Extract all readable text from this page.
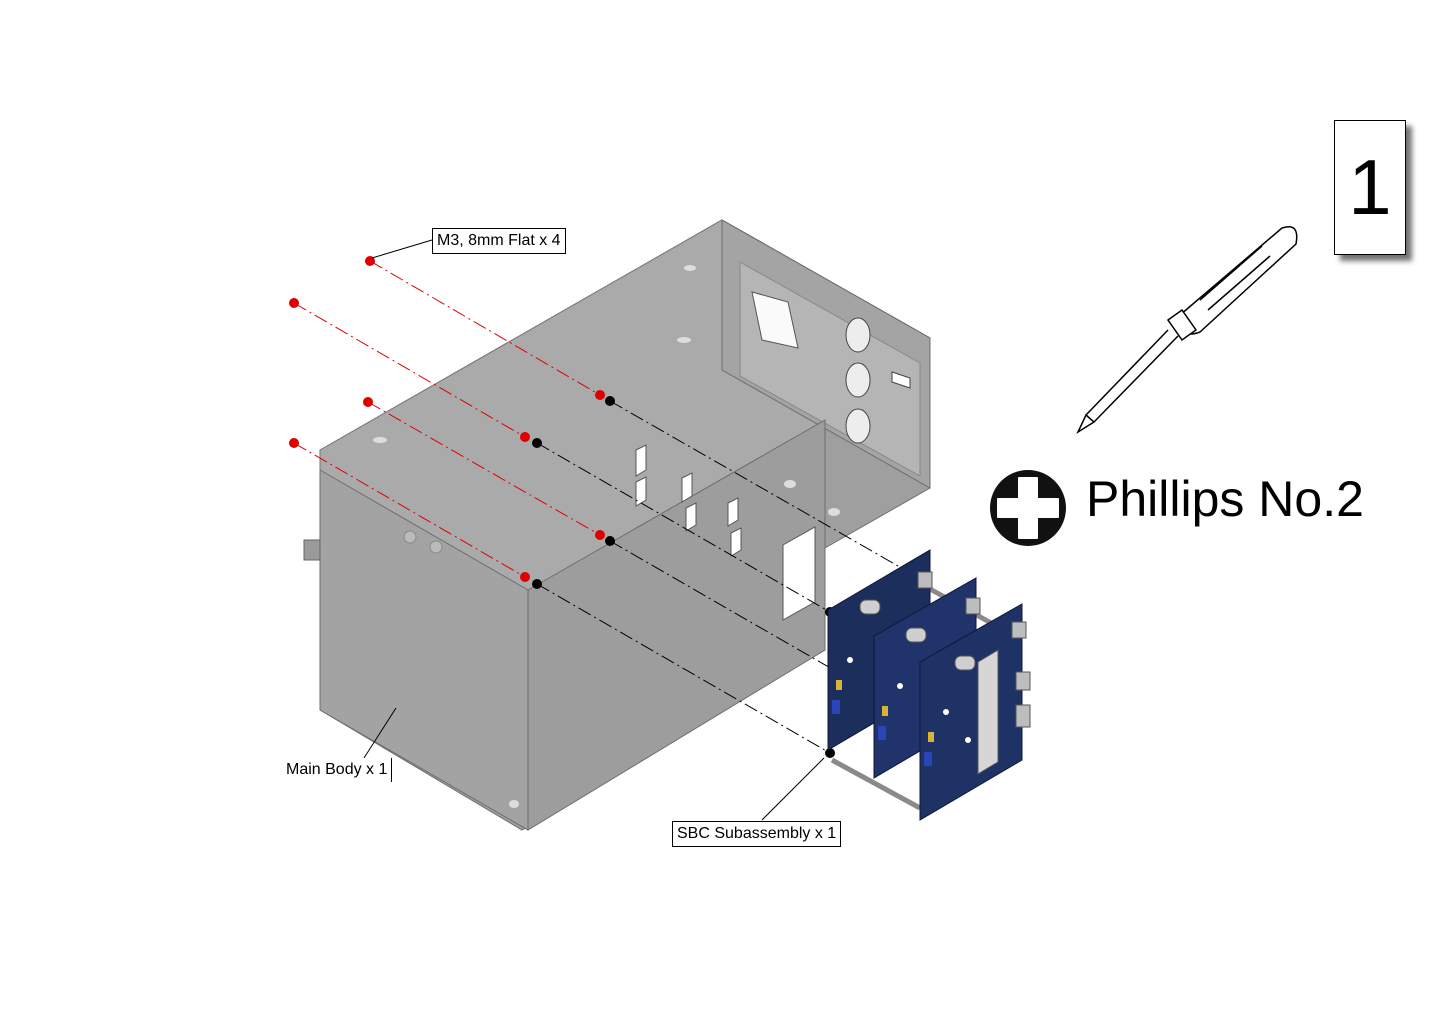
M3, 8mm Flat x 4
Main Body x 1
SBC Subassembly x 1
1
Phillips No.2
